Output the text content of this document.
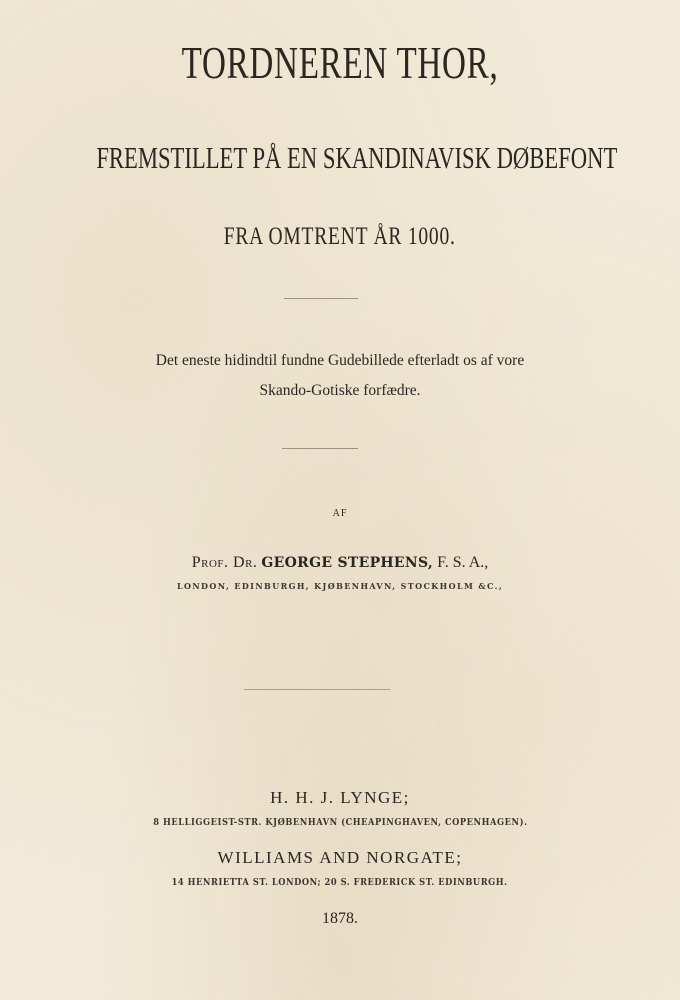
TORDNEREN THOR,
FREMSTILLET PÅ EN SKANDINAVISK DØBEFONT
FRA OMTRENT ÅR 1000.
Det eneste hidindtil fundne Gudebillede efterladt os af vore
Skando-Gotiske forfædre.
AF
Prof. Dr. GEORGE STEPHENS, F. S. A.,
LONDON, EDINBURGH, KJØBENHAVN, STOCKHOLM &C.,
H. H. J. LYNGE;
8 HELLIGGEIST-STR. KJØBENHAVN (CHEAPINGHAVEN, COPENHAGEN).
WILLIAMS AND NORGATE;
14 HENRIETTA ST. LONDON; 20 S. FREDERICK ST. EDINBURGH.
1878.
